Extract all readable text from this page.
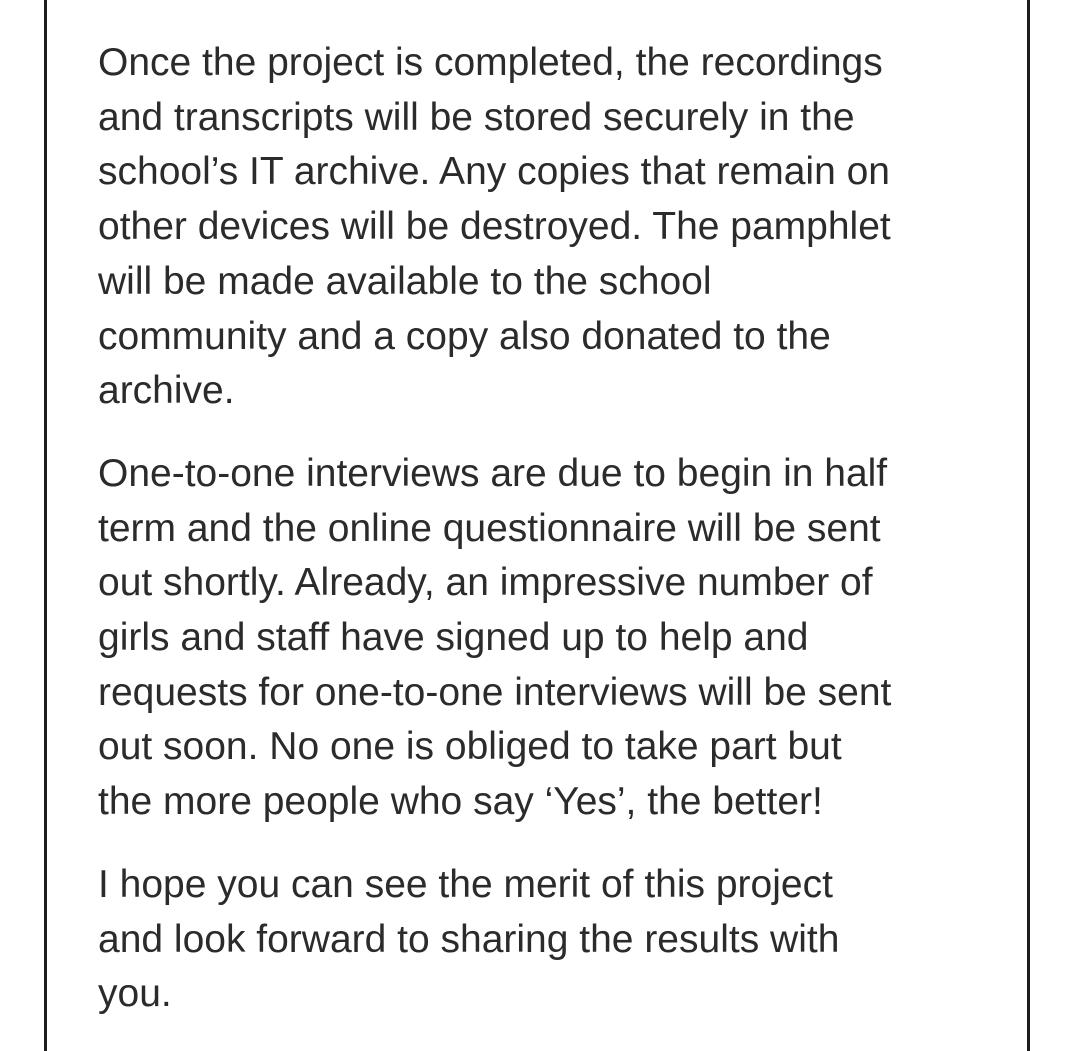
Once the project is completed, the recordings
and transcripts will be stored securely in the
school’s IT archive. Any copies that remain on
other devices will be destroyed. The pamphlet
will be made available to the school
community and a copy also donated to the
archive.

One-to-one interviews are due to begin in half
term and the online questionnaire will be sent
out shortly. Already, an impressive number of
girls and staff have signed up to help and
requests for one-to-one interviews will be sent
out soon. No one is obliged to take part but
the more people who say ‘Yes’, the better!

I hope you can see the merit of this project
and look forward to sharing the results with
you.
